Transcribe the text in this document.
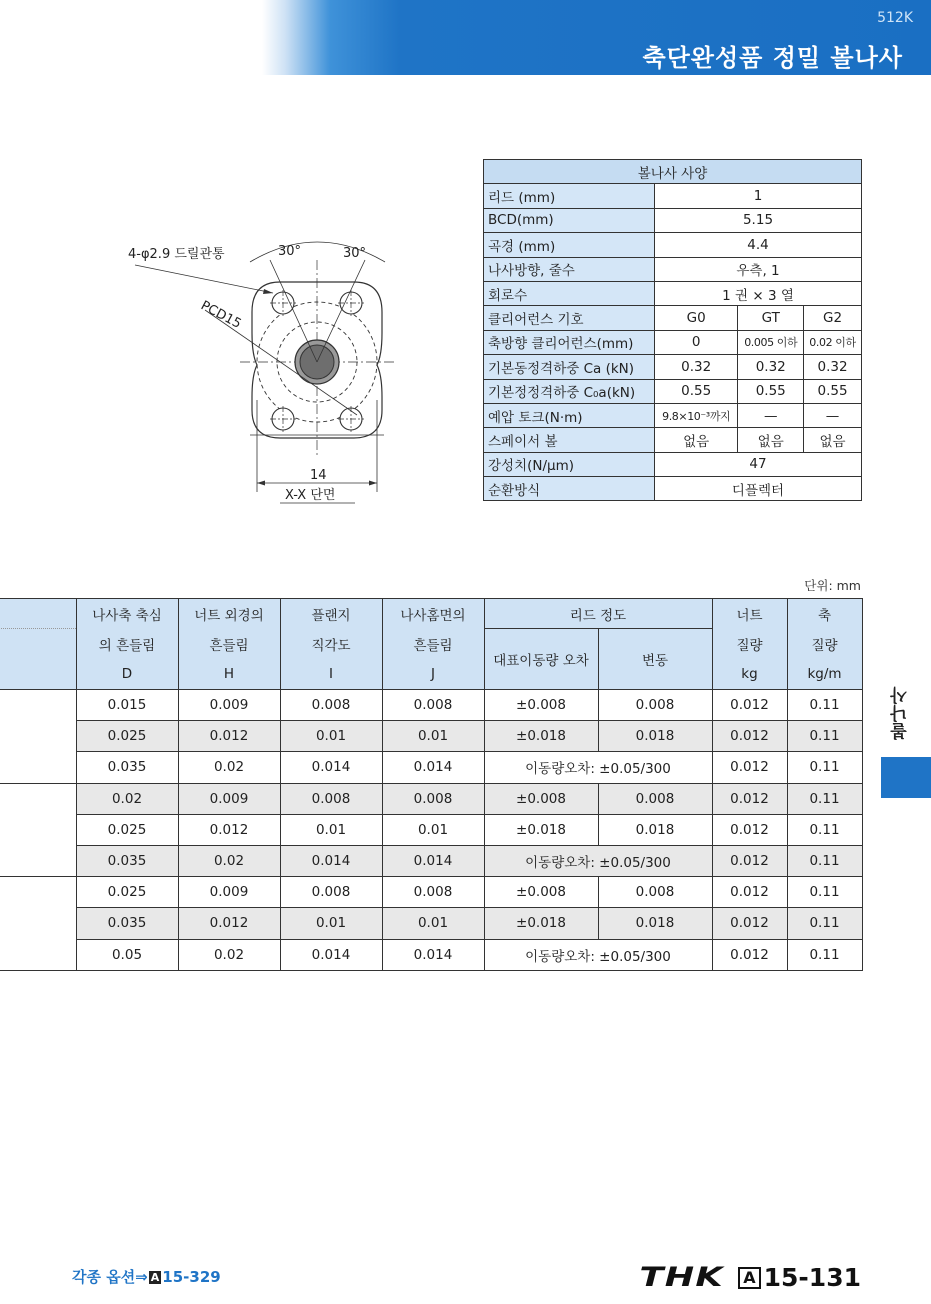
512K
축단완성품 정밀 볼나사
4-φ2.9 드릴관통	30°	30°
PCD15
14
X-X 단면
볼나사 사양			
리드 (mm)	1		
BCD(mm)	5.15		
곡경 (mm)	4.4		
나사방향, 줄수	우측, 1		
회로수	1 권 × 3 열		
클리어런스 기호	G0	GT	G2
축방향 클리어런스(mm)	0	0.005 이하	0.02 이하
기본동정격하중 Ca (kN)	0.32	0.32	0.32
기본정정격하중 C₀a(kN)	0.55	0.55	0.55
예압 토크(N·m)	9.8×10⁻³까지	—	—
스페이서 볼	없음	없음	없음
강성치(N/μm)	47		
순환방식	디플렉터		
단위: mm
	나사축 축심	너트 외경의	플랜지	나사홈면의	리드 정도		너트	축
	의 흔들림	흔들림	직각도	흔들림	대표이동량 오차	변동	질량	질량
	D	H	I	J			kg	kg/m
	0.015	0.009	0.008	0.008	±0.008	0.008	0.012	0.11
	0.025	0.012	0.01	0.01	±0.018	0.018	0.012	0.11
	0.035	0.02	0.014	0.014	이동량오차: ±0.05/300		0.012	0.11
	0.02	0.009	0.008	0.008	±0.008	0.008	0.012	0.11
	0.025	0.012	0.01	0.01	±0.018	0.018	0.012	0.11
	0.035	0.02	0.014	0.014	이동량오차: ±0.05/300		0.012	0.11
	0.025	0.009	0.008	0.008	±0.008	0.008	0.012	0.11
	0.035	0.012	0.01	0.01	±0.018	0.018	0.012	0.11
	0.05	0.02	0.014	0.014	이동량오차: ±0.05/300		0.012	0.11
볼나사
각종 옵션⇒ A 15-329	THK	A 15-131
